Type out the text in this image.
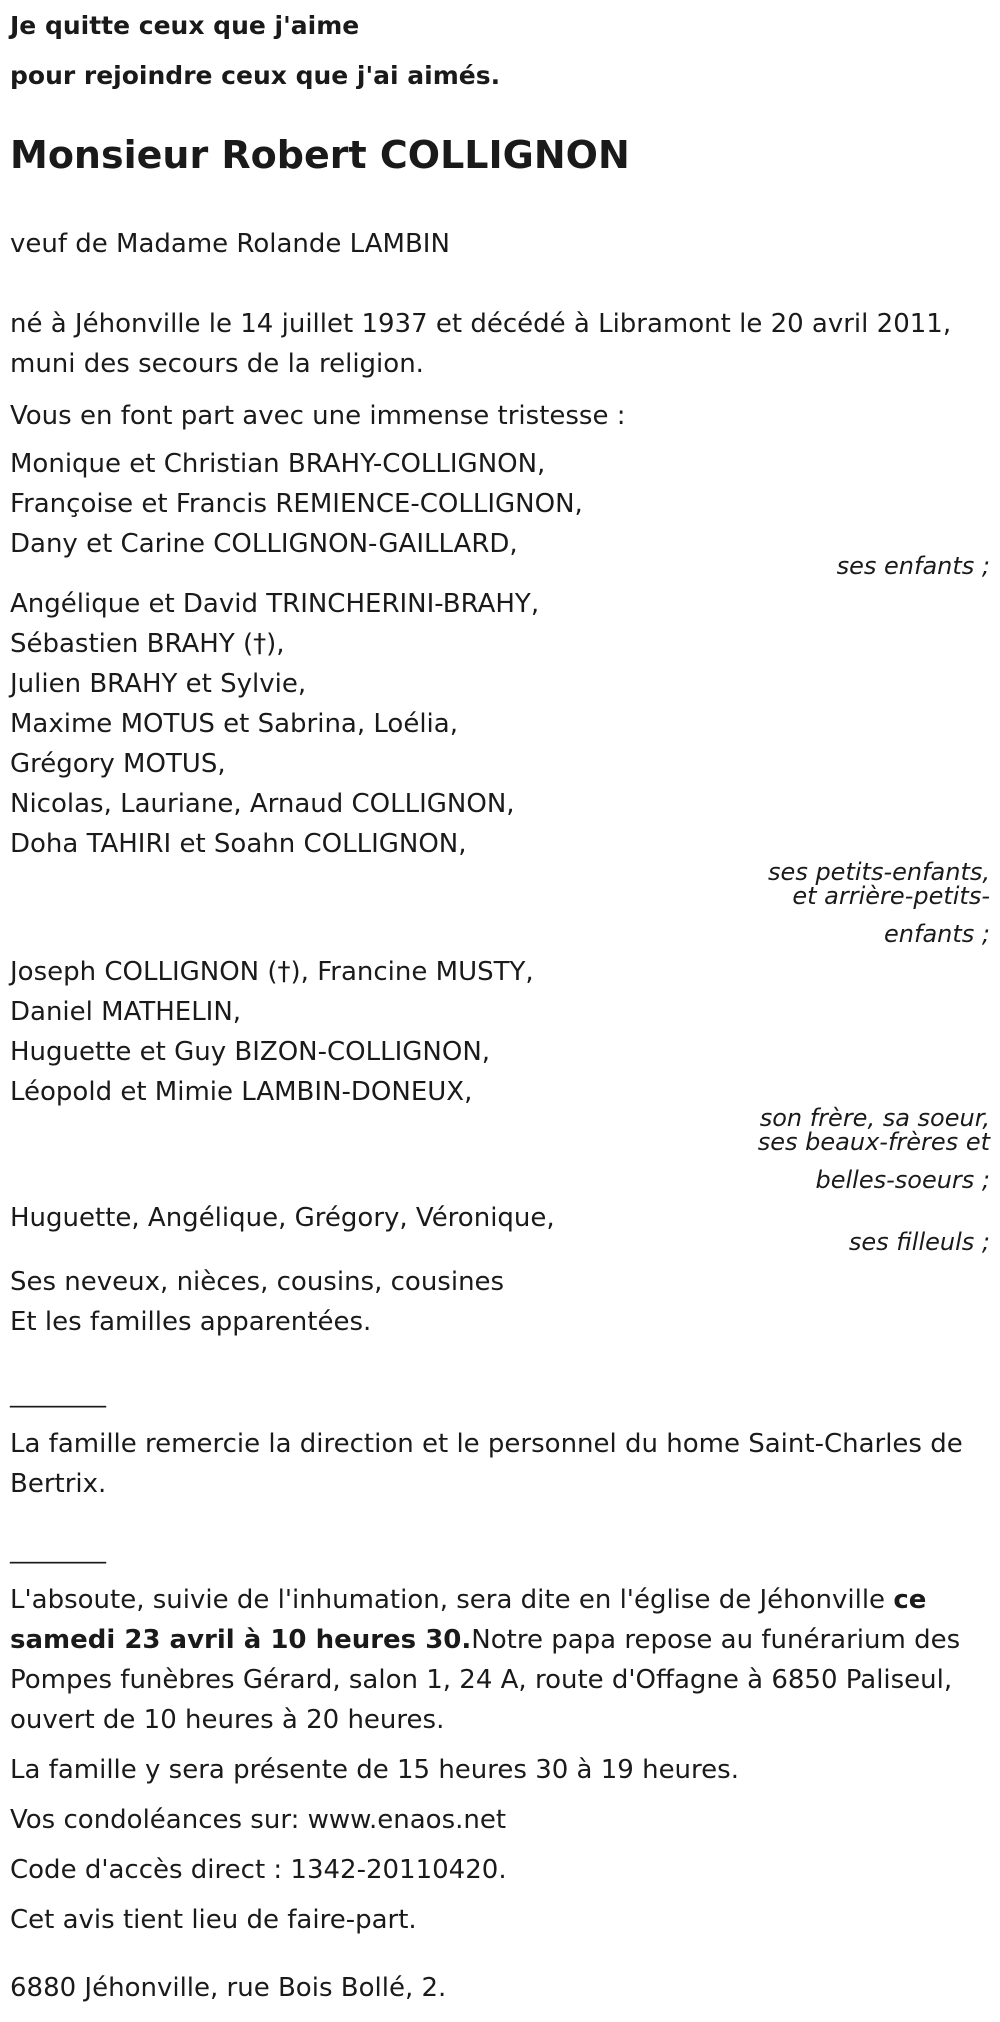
Je quitte ceux que j'aime
pour rejoindre ceux que j'ai aimés.
Monsieur Robert COLLIGNON
veuf de Madame Rolande LAMBIN
né à Jéhonville le 14 juillet 1937 et décédé à Libramont le 20 avril 2011,
muni des secours de la religion.
Vous en font part avec une immense tristesse :
Monique et Christian BRAHY-COLLIGNON,
Françoise et Francis REMIENCE-COLLIGNON,
Dany et Carine COLLIGNON-GAILLARD,
ses enfants ;
Angélique et David TRINCHERINI-BRAHY,
Sébastien BRAHY (†),
Julien BRAHY et Sylvie,
Maxime MOTUS et Sabrina, Loélia,
Grégory MOTUS,
Nicolas, Lauriane, Arnaud COLLIGNON,
Doha TAHIRI et Soahn COLLIGNON,
ses petits-enfants,
et arrière-petits-
enfants ;
Joseph COLLIGNON (†), Francine MUSTY,
Daniel MATHELIN,
Huguette et Guy BIZON-COLLIGNON,
Léopold et Mimie LAMBIN-DONEUX,
son frère, sa soeur,
ses beaux-frères et
belles-soeurs ;
Huguette, Angélique, Grégory, Véronique,
ses filleuls ;
Ses neveux, nièces, cousins, cousines
Et les familles apparentées.
________
La famille remercie la direction et le personnel du home Saint-Charles de
Bertrix.
________
L'absoute, suivie de l'inhumation, sera dite en l'église de Jéhonville ce
samedi 23 avril à 10 heures 30.Notre papa repose au funérarium des
Pompes funèbres Gérard, salon 1, 24 A, route d'Offagne à 6850 Paliseul,
ouvert de 10 heures à 20 heures.
La famille y sera présente de 15 heures 30 à 19 heures.
Vos condoléances sur: www.enaos.net
Code d'accès direct : 1342-20110420.
Cet avis tient lieu de faire-part.
6880 Jéhonville, rue Bois Bollé, 2.
